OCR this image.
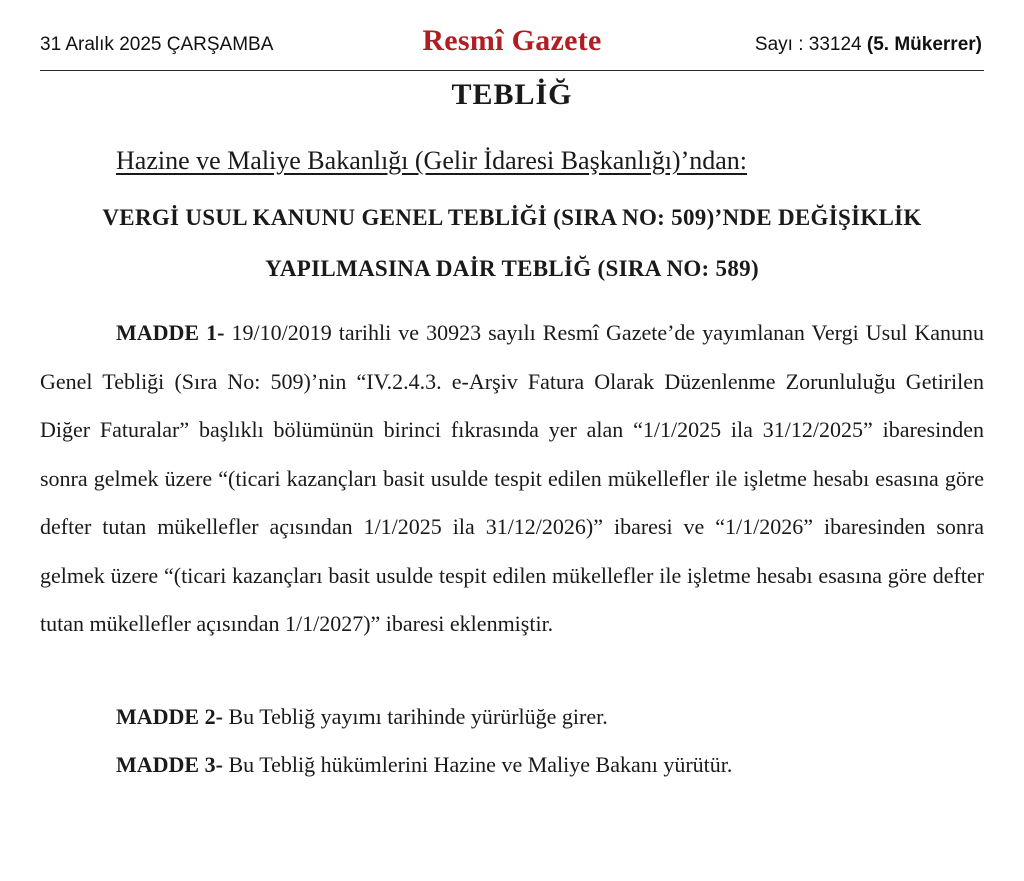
31 Aralık 2025 ÇARŞAMBA	Resmî Gazete	Sayı : 33124 (5. Mükerrer)
TEBLİĞ
Hazine ve Maliye Bakanlığı (Gelir İdaresi Başkanlığı)’ndan:
VERGİ USUL KANUNU GENEL TEBLİĞİ (SIRA NO: 509)’NDE DEĞİŞİKLİK
YAPILMASINA DAİR TEBLİĞ (SIRA NO: 589)

MADDE 1- 19/10/2019 tarihli ve 30923 sayılı Resmî Gazete’de yayımlanan Vergi Usul Kanunu Genel Tebliği (Sıra No: 509)’nin “IV.2.4.3. e-Arşiv Fatura Olarak Düzenlenme Zorunluluğu Getirilen Diğer Faturalar” başlıklı bölümünün birinci fıkrasında yer alan “1/1/2025 ila 31/12/2025” ibaresinden sonra gelmek üzere “(ticari kazançları basit usulde tespit edilen mükellefler ile işletme hesabı esasına göre defter tutan mükellefler açısından 1/1/2025 ila 31/12/2026)” ibaresi ve “1/1/2026” ibaresinden sonra gelmek üzere “(ticari kazançları basit usulde tespit edilen mükellefler ile işletme hesabı esasına göre defter tutan mükellefler açısından 1/1/2027)” ibaresi eklenmiştir.

MADDE 2- Bu Tebliğ yayımı tarihinde yürürlüğe girer.

MADDE 3- Bu Tebliğ hükümlerini Hazine ve Maliye Bakanı yürütür.
